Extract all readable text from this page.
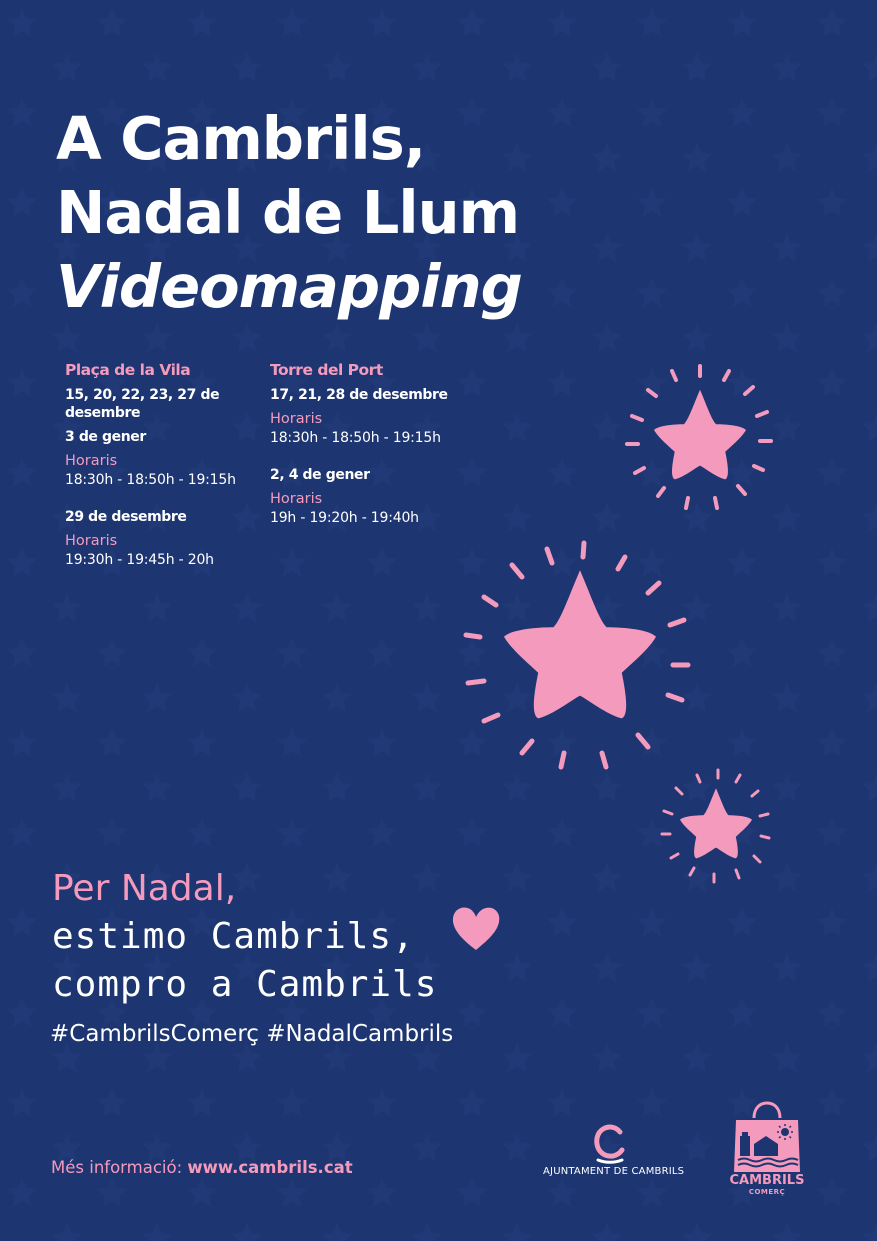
A Cambrils,
Nadal de Llum
Videomapping
Plaça de la Vila
15, 20, 22, 23, 27 de desembre
3 de gener
Horaris
18:30h - 18:50h - 19:15h
29 de desembre
Horaris
19:30h - 19:45h - 20h
Torre del Port
17, 21, 28 de desembre
Horaris
18:30h - 18:50h - 19:15h
2, 4 de gener
Horaris
19h - 19:20h - 19:40h
Per Nadal,
estimo Cambrils,
compro a Cambrils
#CambrilsComerç #NadalCambrils
Més informació: www.cambrils.cat	AJUNTAMENT DE CAMBRILS
CAMBRILS
COMERÇ
